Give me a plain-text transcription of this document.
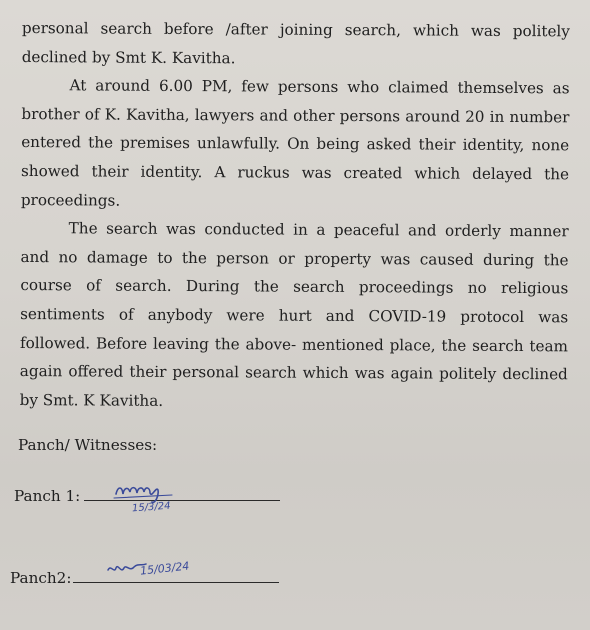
personal search before /after joining search, which was politely declined by Smt K. Kavitha.

At around 6.00 PM, few persons who claimed themselves as brother of K. Kavitha, lawyers and other persons around 20 in number entered the premises unlawfully. On being asked their identity, none showed their identity. A ruckus was created which delayed the proceedings.

The search was conducted in a peaceful and orderly manner and no damage to the person or property was caused during the course of search. During the search proceedings no religious sentiments of anybody were hurt and COVID-19 protocol was followed. Before leaving the above- mentioned place, the search team again offered their personal search which was again politely declined by Smt. K Kavitha.

Panch/ Witnesses:
Panch 1:
Panch2:
15/3/24
15/03/24
